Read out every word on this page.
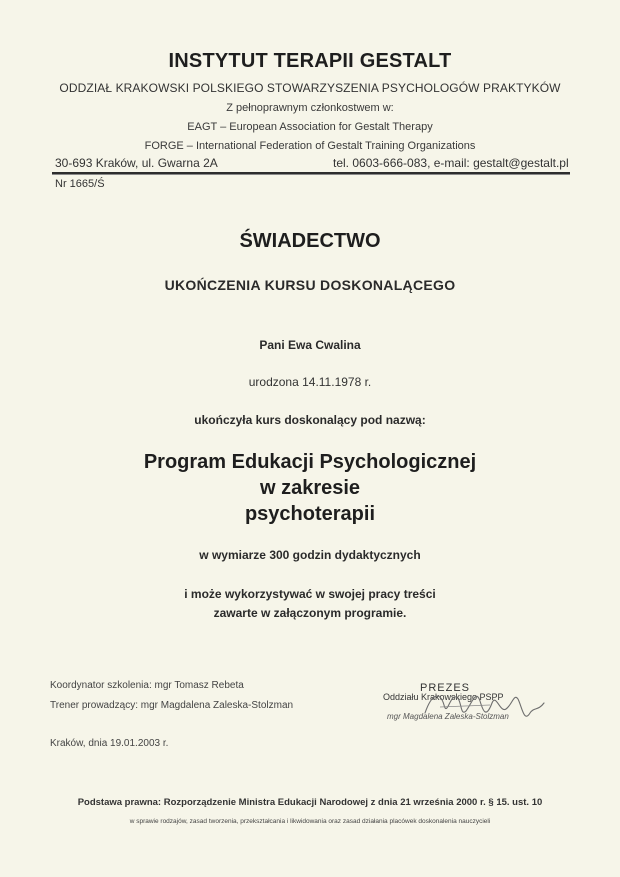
INSTYTUT TERAPII GESTALT
ODDZIAŁ KRAKOWSKI POLSKIEGO STOWARZYSZENIA PSYCHOLOGÓW PRAKTYKÓW
Z pełnoprawnym członkostwem w:
EAGT – European Association for Gestalt Therapy
FORGE – International Federation of Gestalt Training Organizations
30-693 Kraków, ul. Gwarna 2A	tel. 0603-666-083, e-mail: gestalt@gestalt.pl
Nr 1665/Ś
ŚWIADECTWO
UKOŃCZENIA KURSU DOSKONALĄCEGO
Pani Ewa Cwalina
urodzona 14.11.1978 r.
ukończyła kurs doskonalący pod nazwą:
Program Edukacji Psychologicznej
w zakresie
psychoterapii
w wymiarze 300 godzin dydaktycznych
i może wykorzystywać w swojej pracy treści
zawarte w załączonym programie.
Koordynator szkolenia: mgr Tomasz Rebeta
Trener prowadzący: mgr Magdalena Zaleska-Stolzman
Kraków, dnia 19.01.2003 r.
PREZES
Oddziału Krakowskiego PSPP
mgr Magdalena Zaleska-Stolzman
Podstawa prawna: Rozporządzenie Ministra Edukacji Narodowej z dnia 21 września 2000 r. § 15. ust. 10
w sprawie rodzajów, zasad tworzenia, przekształcania i likwidowania oraz zasad działania placówek doskonalenia nauczycieli
